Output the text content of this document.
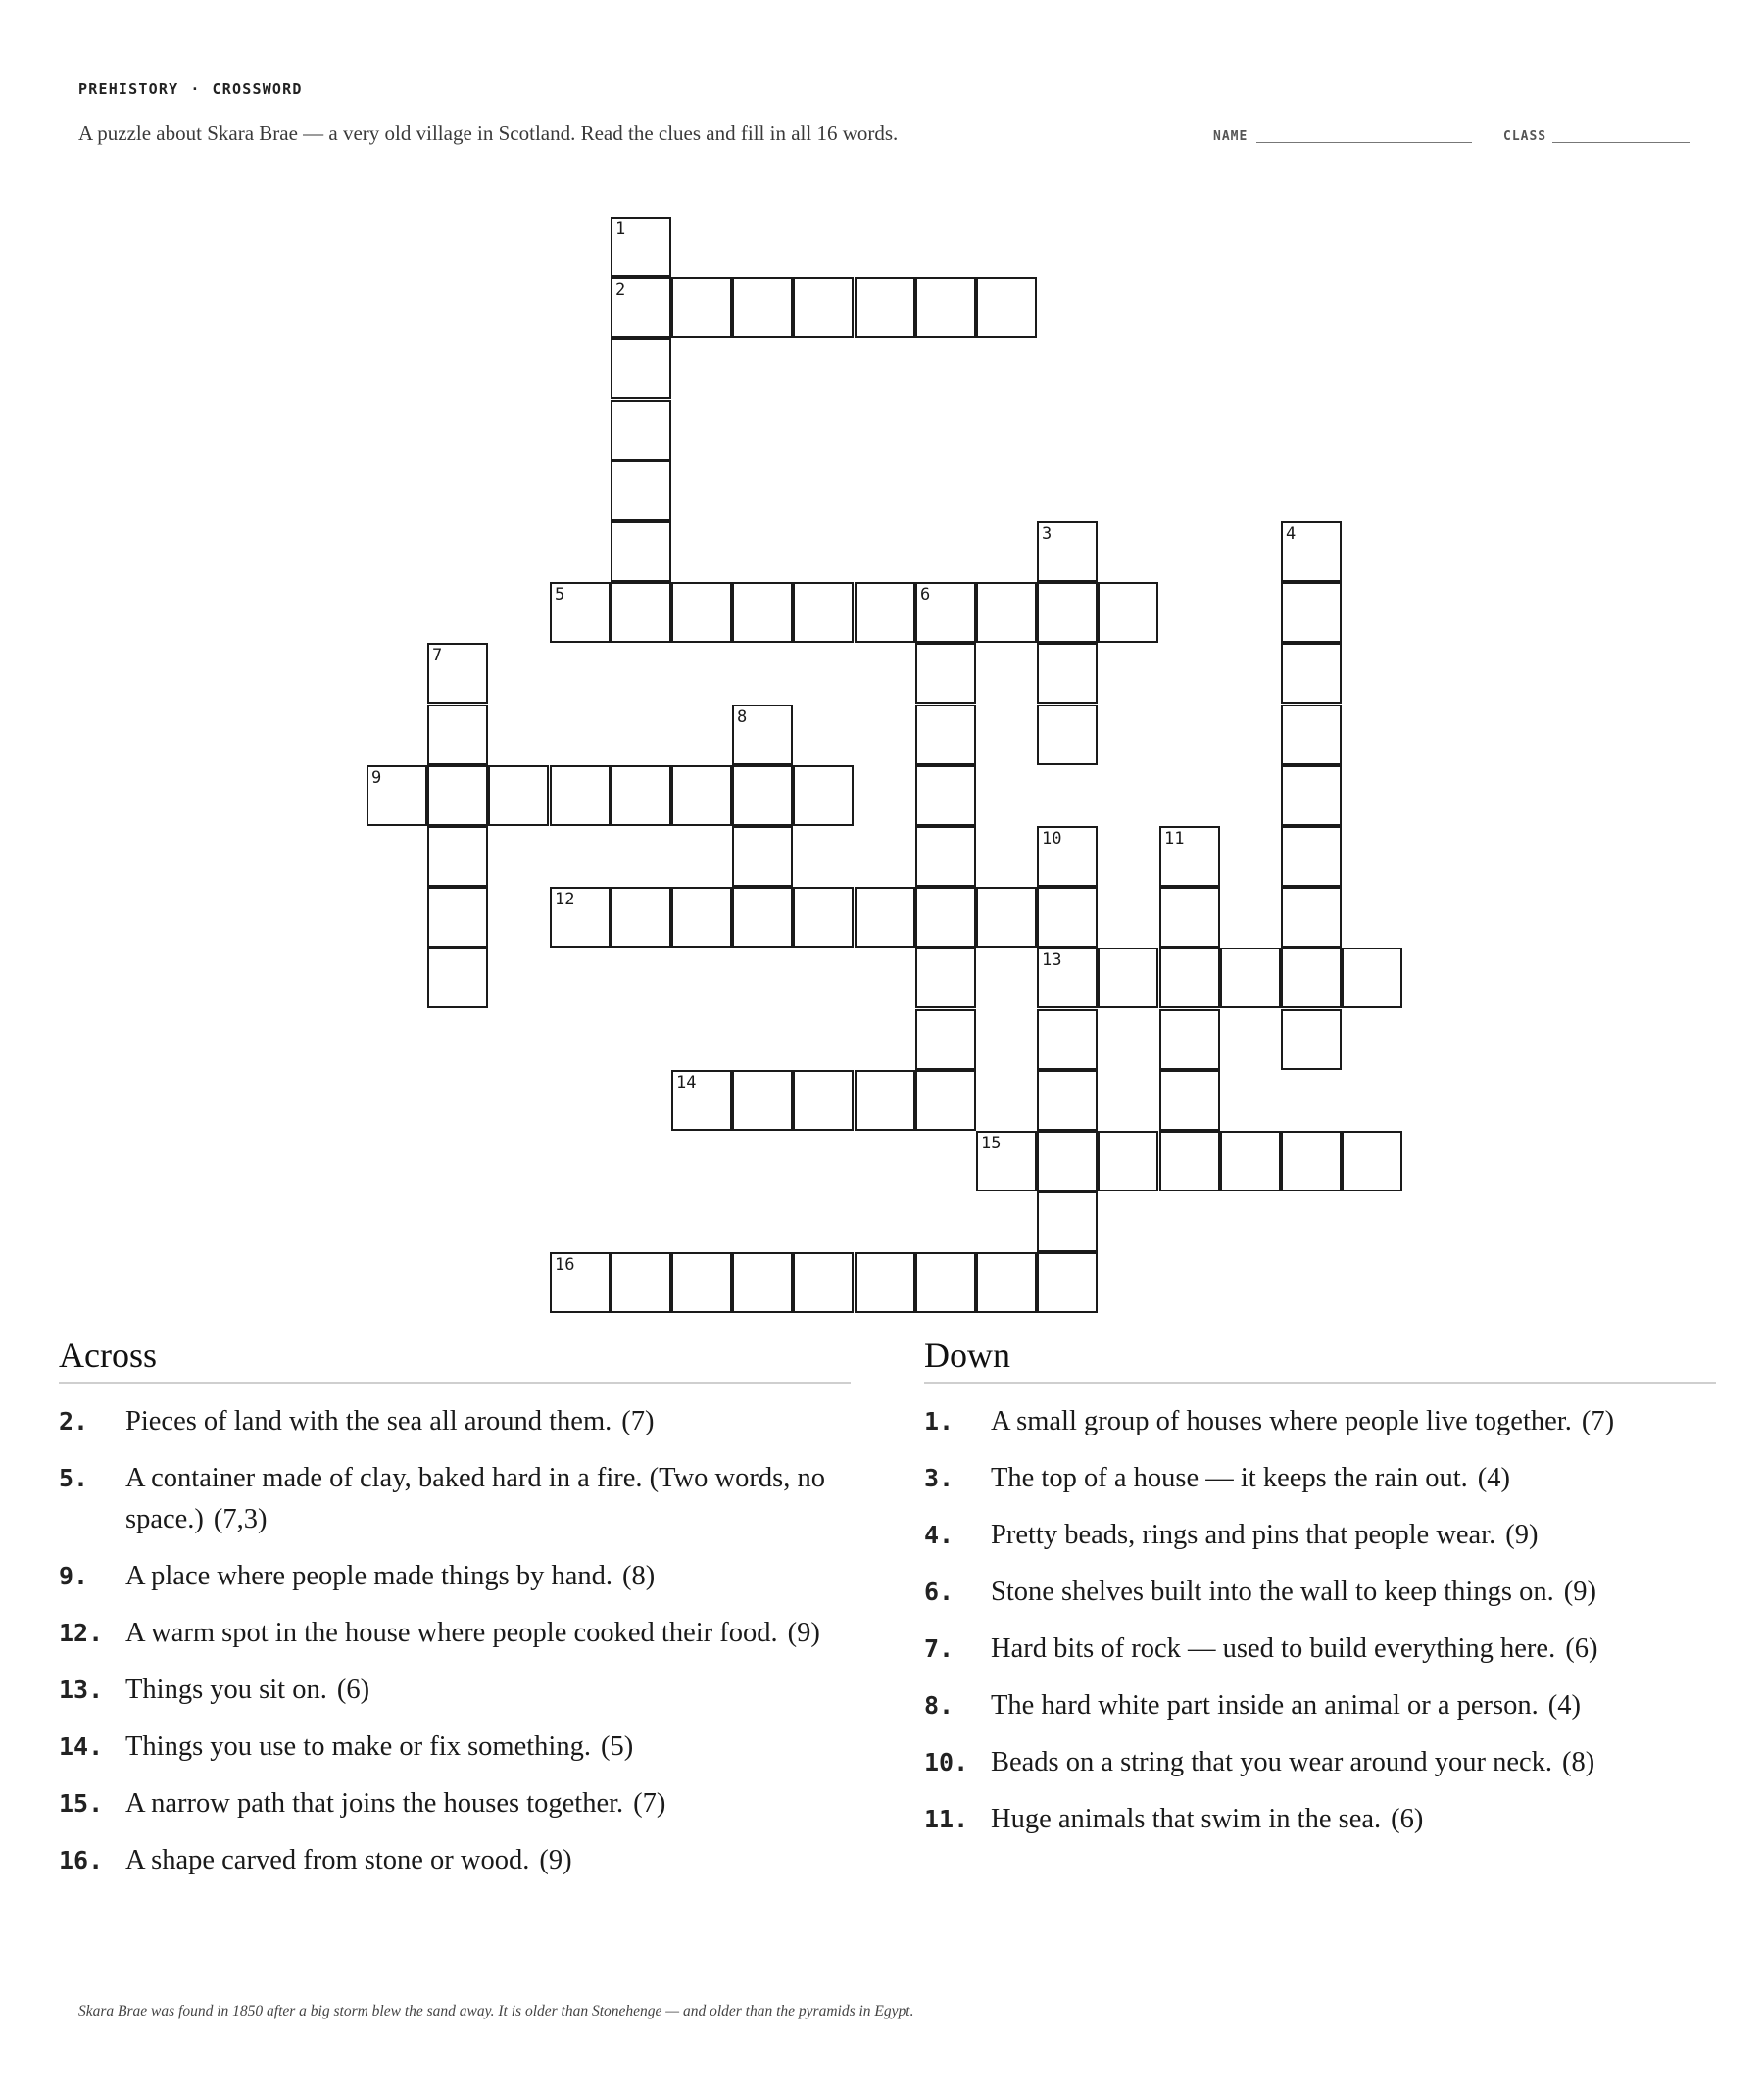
PREHISTORY · CROSSWORD
A puzzle about Skara Brae — a very old village in Scotland. Read the clues and fill in all 16 words.	NAME	CLASS
1
2
3	4
5	6
7
8
9
10
13
11
12
14
15
16
Across
2. Pieces of land with the sea all around them. (7)
5. A container made of clay, baked hard in a fire. (Two words, no space.) (7,3)
9. A place where people made things by hand. (8)
12. A warm spot in the house where people cooked their food. (9)
13. Things you sit on. (6)
14. Things you use to make or fix something. (5)
15. A narrow path that joins the houses together. (7)
16. A shape carved from stone or wood. (9)
Down
1. A small group of houses where people live together. (7)
3. The top of a house — it keeps the rain out. (4)
4. Pretty beads, rings and pins that people wear. (9)
6. Stone shelves built into the wall to keep things on. (9)
7. Hard bits of rock — used to build everything here. (6)
8. The hard white part inside an animal or a person. (4)
10. Beads on a string that you wear around your neck. (8)
11. Huge animals that swim in the sea. (6)
Skara Brae was found in 1850 after a big storm blew the sand away. It is older than Stonehenge — and older than the pyramids in Egypt.
